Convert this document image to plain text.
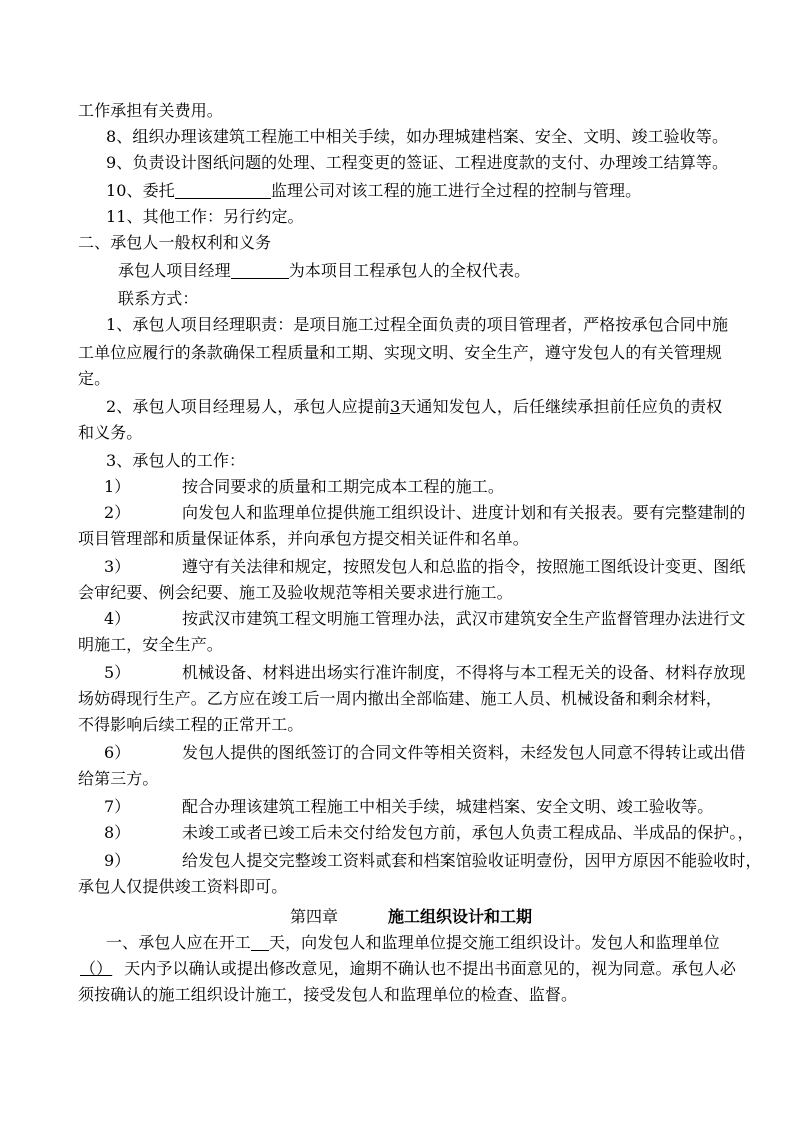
工作承担有关费用。
8、组织办理该建筑工程施工中相关手续，如办理城建档案、安全、文明、竣工验收等。
9、负责设计图纸问题的处理、工程变更的签证、工程进度款的支付、办理竣工结算等。
10、委托	监理公司对该工程的施工进行全过程的控制与管理。
11、其他工作：另行约定。
二、承包人一般权利和义务
承包人项目经理	为本项目工程承包人的全权代表。
联系方式：
1、承包人项目经理职责：是项目施工过程全面负责的项目管理者，严格按承包合同中施
工单位应履行的条款确保工程质量和工期、实现文明、安全生产，遵守发包人的有关管理规
定。
2、承包人项目经理易人，承包人应提前3天通知发包人，后任继续承担前任应负的责权
和义务。
3、承包人的工作：
1）	按合同要求的质量和工期完成本工程的施工。
2）	向发包人和监理单位提供施工组织设计、进度计划和有关报表。要有完整建制的
项目管理部和质量保证体系，并向承包方提交相关证件和名单。
3）	遵守有关法律和规定，按照发包人和总监的指令，按照施工图纸设计变更、图纸
会审纪要、例会纪要、施工及验收规范等相关要求进行施工。
4）	按武汉市建筑工程文明施工管理办法，武汉市建筑安全生产监督管理办法进行文
明施工，安全生产。
5）	机械设备、材料进出场实行准许制度，不得将与本工程无关的设备、材料存放现
场妨碍现行生产。乙方应在竣工后一周内撤出全部临建、施工人员、机械设备和剩余材料，
不得影响后续工程的正常开工。
6）	发包人提供的图纸签订的合同文件等相关资料，未经发包人同意不得转让或出借
给第三方。
7）	配合办理该建筑工程施工中相关手续，城建档案、安全文明、竣工验收等。
8）	未竣工或者已竣工后未交付给发包方前，承包人负责工程成品、半成品的保护。，
9）	给发包人提交完整竣工资料贰套和档案馆验收证明壹份，因甲方原因不能验收时，
承包人仅提供竣工资料即可。
第四章	施工组织设计和工期
一、承包人应在开工 天，向发包人和监理单位提交施工组织设计。发包人和监理单位
（） 天内予以确认或提出修改意见，逾期不确认也不提出书面意见的，视为同意。承包人必
须按确认的施工组织设计施工，接受发包人和监理单位的检查、监督。
